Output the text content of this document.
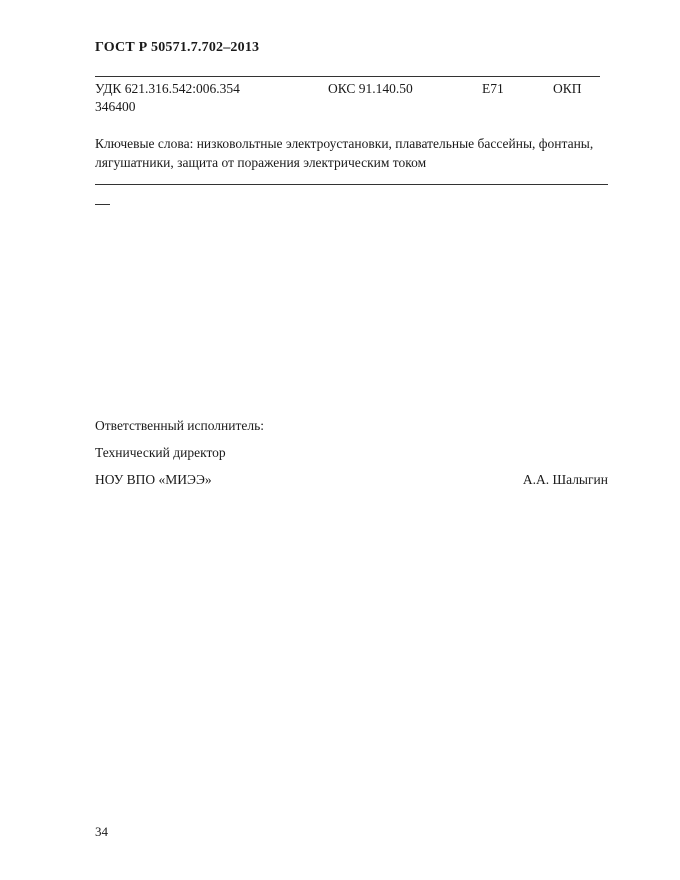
ГОСТ Р 50571.7.702–2013
УДК 621.316.542:006.354	ОКС 91.140.50	Е71	ОКП
346400
Ключевые слова: низковольтные электроустановки, плавательные бассейны, фонтаны, лягушатники, защита от поражения электрическим током
Ответственный исполнитель:
Технический директор
НОУ ВПО «МИЭЭ»	А.А. Шалыгин
34
